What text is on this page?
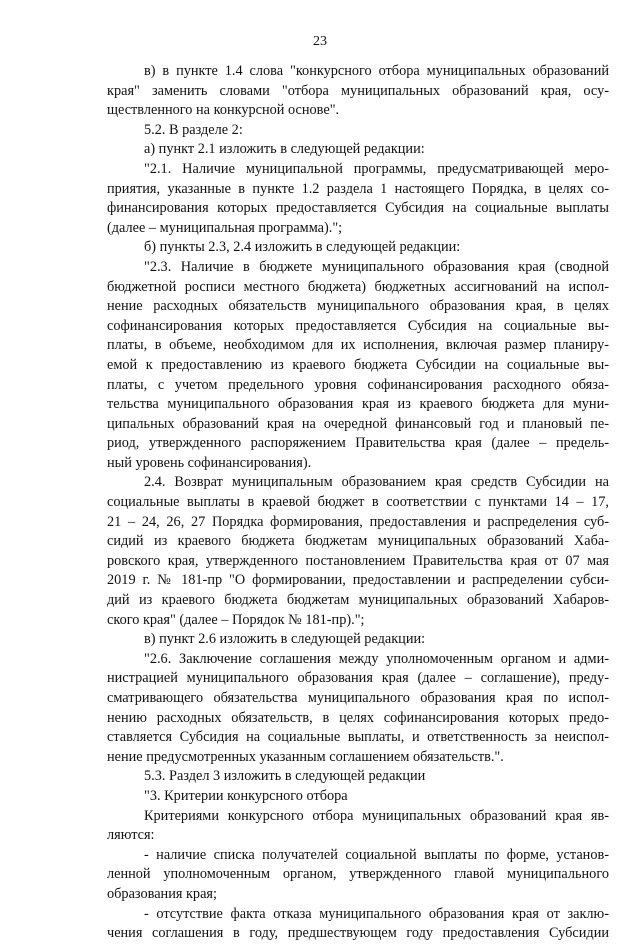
23
в) в пункте 1.4 слова "конкурсного отбора муниципальных образований
края" заменить словами "отбора муниципальных образований края, осу-
ществленного на конкурсной основе".
5.2. В разделе 2:
а) пункт 2.1 изложить в следующей редакции:
"2.1. Наличие муниципальной программы, предусматривающей меро-
приятия, указанные в пункте 1.2 раздела 1 настоящего Порядка, в целях со-
финансирования которых предоставляется Субсидия на социальные выплаты
(далее – муниципальная программа).";
б) пункты 2.3, 2.4 изложить в следующей редакции:
"2.3. Наличие в бюджете муниципального образования края (сводной
бюджетной росписи местного бюджета) бюджетных ассигнований на испол-
нение расходных обязательств муниципального образования края, в целях
софинансирования которых предоставляется Субсидия на социальные вы-
платы, в объеме, необходимом для их исполнения, включая размер планиру-
емой к предоставлению из краевого бюджета Субсидии на социальные вы-
платы, с учетом предельного уровня софинансирования расходного обяза-
тельства муниципального образования края из краевого бюджета для муни-
ципальных образований края на очередной финансовый год и плановый пе-
риод, утвержденного распоряжением Правительства края (далее – предель-
ный уровень софинансирования).
2.4. Возврат муниципальным образованием края средств Субсидии на
социальные выплаты в краевой бюджет в соответствии с пунктами 14 – 17,
21 – 24, 26, 27 Порядка формирования, предоставления и распределения суб-
сидий из краевого бюджета бюджетам муниципальных образований Хаба-
ровского края, утвержденного постановлением Правительства края от 07 мая
2019 г. № 181-пр "О формировании, предоставлении и распределении субси-
дий из краевого бюджета бюджетам муниципальных образований Хабаров-
ского края" (далее – Порядок № 181-пр).";
в) пункт 2.6 изложить в следующей редакции:
"2.6. Заключение соглашения между уполномоченным органом и адми-
нистрацией муниципального образования края (далее – соглашение), преду-
сматривающего обязательства муниципального образования края по испол-
нению расходных обязательств, в целях софинансирования которых предо-
ставляется Субсидия на социальные выплаты, и ответственность за неиспол-
нение предусмотренных указанным соглашением обязательств.".
5.3. Раздел 3 изложить в следующей редакции
"3. Критерии конкурсного отбора
Критериями конкурсного отбора муниципальных образований края яв-
ляются:
- наличие списка получателей социальной выплаты по форме, установ-
ленной уполномоченным органом, утвержденного главой муниципального
образования края;
- отсутствие факта отказа муниципального образования края от заклю-
чения соглашения в году, предшествующем году предоставления Субсидии
